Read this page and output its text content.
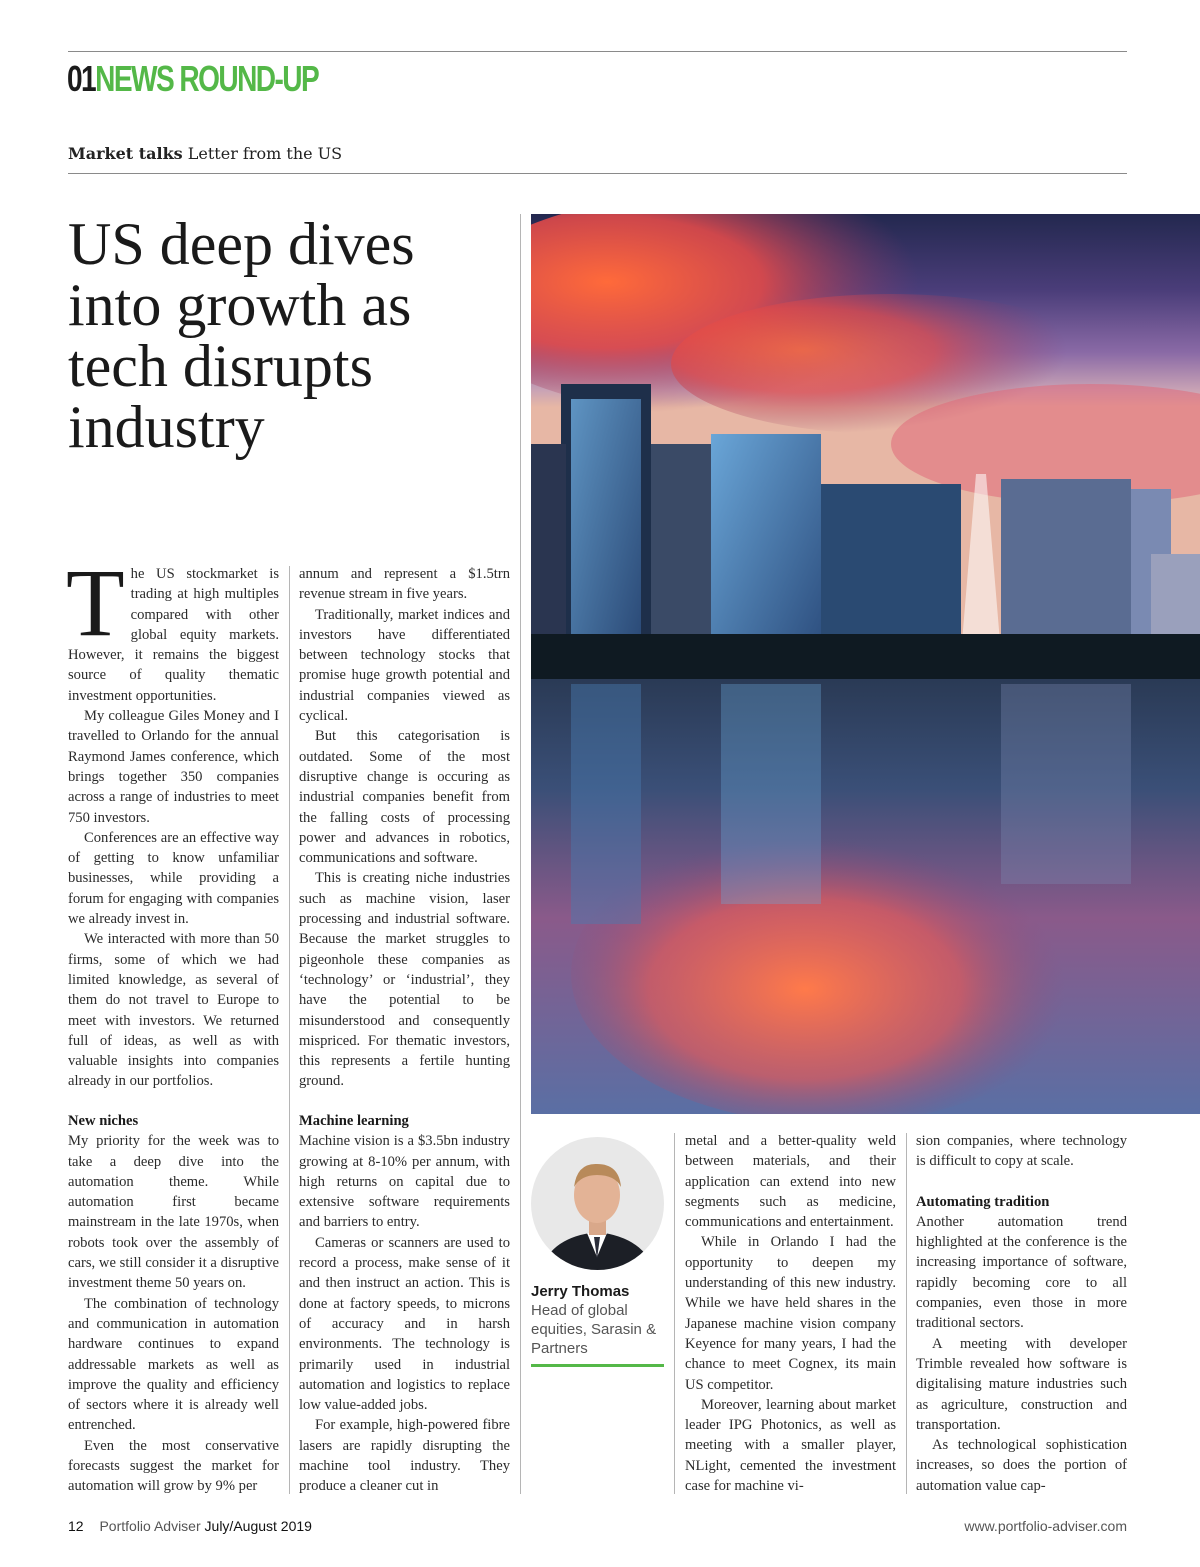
01NEWS ROUND-UP
Market talks Letter from the US
US deep dives into growth as tech disrupts industry

The US stockmarket is trading at high multiples compared with other global equity markets. However, it remains the biggest source of quality thematic investment opportunities.

My colleague Giles Money and I travelled to Orlando for the annual Raymond James conference, which brings together 350 companies across a range of industries to meet 750 investors.

Conferences are an effective way of getting to know unfamiliar businesses, while providing a forum for engaging with companies we already invest in.

We interacted with more than 50 firms, some of which we had limited knowledge, as several of them do not travel to Europe to meet with investors. We returned full of ideas, as well as with valuable insights into companies already in our portfolios.

New niches

My priority for the week was to take a deep dive into the automation theme. While automation first became mainstream in the late 1970s, when robots took over the assembly of cars, we still consider it a disruptive investment theme 50 years on.

The combination of technology and communication in automation hardware continues to expand addressable markets as well as improve the quality and efficiency of sectors where it is already well entrenched.

Even the most conservative forecasts suggest the market for automation will grow by 9% per

annum and represent a $1.5trn revenue stream in five years.

Traditionally, market indices and investors have differentiated between technology stocks that promise huge growth potential and industrial companies viewed as cyclical.

But this categorisation is outdated. Some of the most disruptive change is occuring as industrial companies benefit from the falling costs of processing power and advances in robotics, communications and software.

This is creating niche industries such as machine vision, laser processing and industrial software. Because the market struggles to pigeonhole these companies as ‘technology’ or ‘industrial’, they have the potential to be misunderstood and consequently mispriced. For thematic investors, this represents a fertile hunting ground.

Machine learning

Machine vision is a $3.5bn industry growing at 8-10% per annum, with high returns on capital due to extensive software requirements and barriers to entry.

Cameras or scanners are used to record a process, make sense of it and then instruct an action. This is done at factory speeds, to microns of accuracy and in harsh environments. The technology is primarily used in industrial automation and logistics to replace low value-added jobs.

For example, high-powered fibre lasers are rapidly disrupting the machine tool industry. They produce a cleaner cut in

Jerry Thomas
Head of global equities, Sarasin & Partners

metal and a better-quality weld between materials, and their application can extend into new segments such as medicine, communications and entertainment.

While in Orlando I had the opportunity to deepen my understanding of this new industry. While we have held shares in the Japanese machine vision company Keyence for many years, I had the chance to meet Cognex, its main US competitor.

Moreover, learning about market leader IPG Photonics, as well as meeting with a smaller player, NLight, cemented the investment case for machine vi-

sion companies, where technology is difficult to copy at scale.

Automating tradition

Another automation trend highlighted at the conference is the increasing importance of software, rapidly becoming core to all companies, even those in more traditional sectors.

A meeting with developer Trimble revealed how software is digitalising mature industries such as agriculture, construction and transportation.

As technological sophistication increases, so does the portion of automation value cap-

12 Portfolio Adviser July/August 2019	www.portfolio-adviser.com
